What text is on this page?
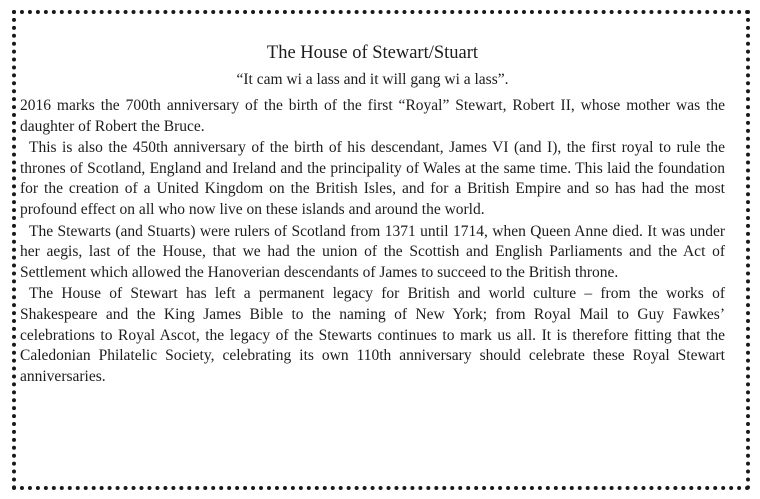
The House of Stewart/Stuart
“It cam wi a lass and it will gang wi a lass”.

2016 marks the 700th anniversary of the birth of the first “Royal” Stewart, Robert II, whose mother was the daughter of Robert the Bruce.

This is also the 450th anniversary of the birth of his descendant, James VI (and I), the first royal to rule the thrones of Scotland, England and Ireland and the principality of Wales at the same time. This laid the foundation for the creation of a United Kingdom on the British Isles, and for a British Empire and so has had the most profound effect on all who now live on these islands and around the world.

The Stewarts (and Stuarts) were rulers of Scotland from 1371 until 1714, when Queen Anne died. It was under her aegis, last of the House, that we had the union of the Scottish and English Parliaments and the Act of Settlement which allowed the Hanoverian descendants of James to succeed to the British throne.

The House of Stewart has left a permanent legacy for British and world culture – from the works of Shakespeare and the King James Bible to the naming of New York; from Royal Mail to Guy Fawkes’ celebrations to Royal Ascot, the legacy of the Stewarts continues to mark us all. It is therefore fitting that the Caledonian Philatelic Society, celebrating its own 110th anniversary should celebrate these Royal Stewart anniversaries.
